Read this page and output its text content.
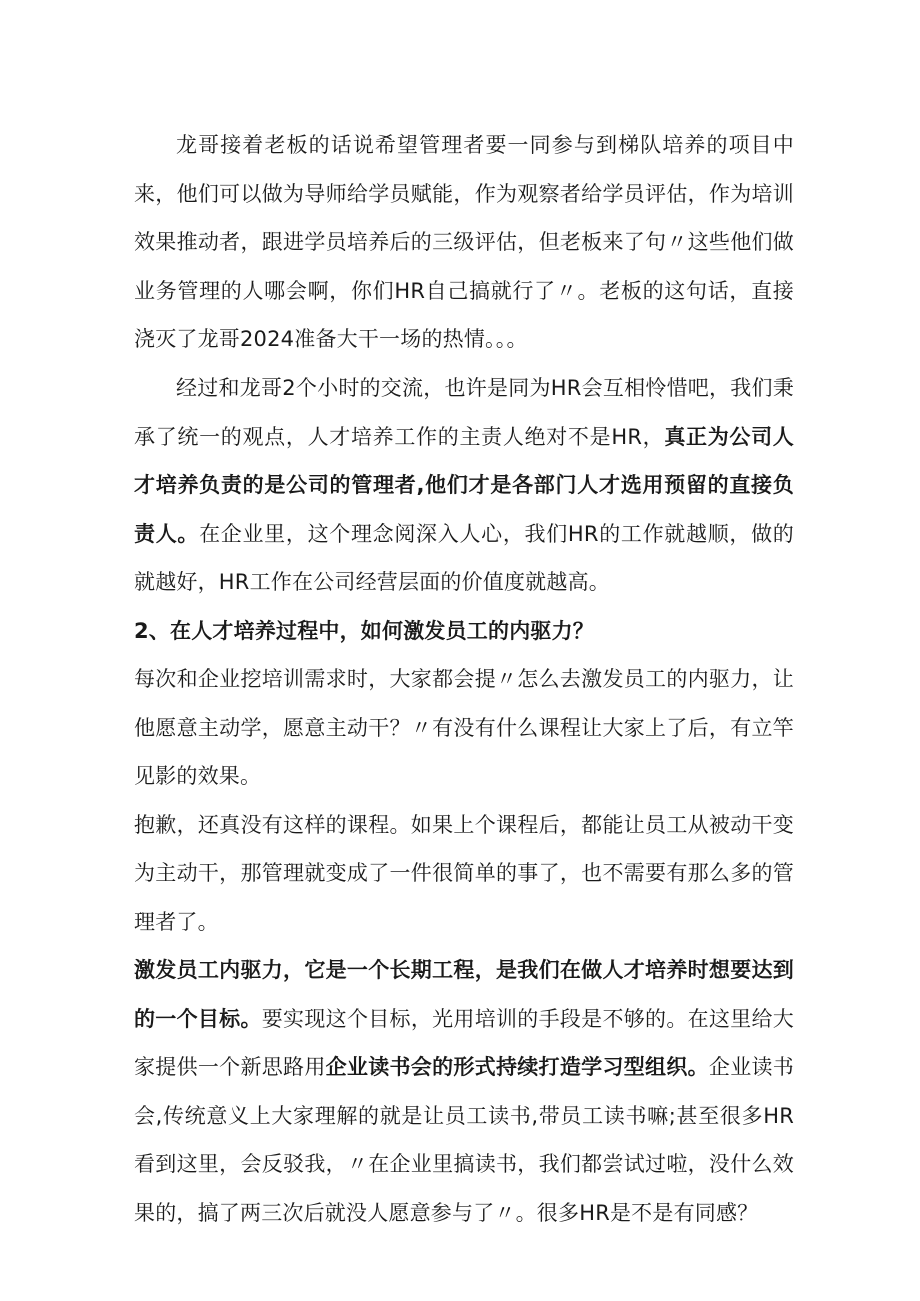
龙哥接着老板的话说希望管理者要一同参与到梯队培养的项目中来，他们可以做为导师给学员赋能，作为观察者给学员评估，作为培训效果推动者，跟进学员培养后的三级评估，但老板来了句〃这些他们做业务管理的人哪会啊，你们HR自己搞就行了〃。老板的这句话，直接浇灭了龙哥2024准备大干一场的热情。。。

经过和龙哥2个小时的交流，也许是同为HR会互相怜惜吧，我们秉承了统一的观点，人才培养工作的主责人绝对不是HR，真正为公司人才培养负责的是公司的管理者,他们才是各部门人才选用预留的直接负责人。在企业里，这个理念阅深入人心，我们HR的工作就越顺，做的就越好，HR工作在公司经营层面的价值度就越高。

2、在人才培养过程中，如何激发员工的内驱力？

每次和企业挖培训需求时，大家都会提〃怎么去激发员工的内驱力，让他愿意主动学，愿意主动干？〃有没有什么课程让大家上了后，有立竿见影的效果。

抱歉，还真没有这样的课程。如果上个课程后，都能让员工从被动干变为主动干，那管理就变成了一件很简单的事了，也不需要有那么多的管理者了。

激发员工内驱力，它是一个长期工程，是我们在做人才培养时想要达到的一个目标。要实现这个目标，光用培训的手段是不够的。在这里给大家提供一个新思路用企业读书会的形式持续打造学习型组织。企业读书会,传统意义上大家理解的就是让员工读书,带员工读书嘛;甚至很多HR看到这里，会反驳我，〃在企业里搞读书，我们都尝试过啦，没什么效果的，搞了两三次后就没人愿意参与了〃。很多HR是不是有同感？
